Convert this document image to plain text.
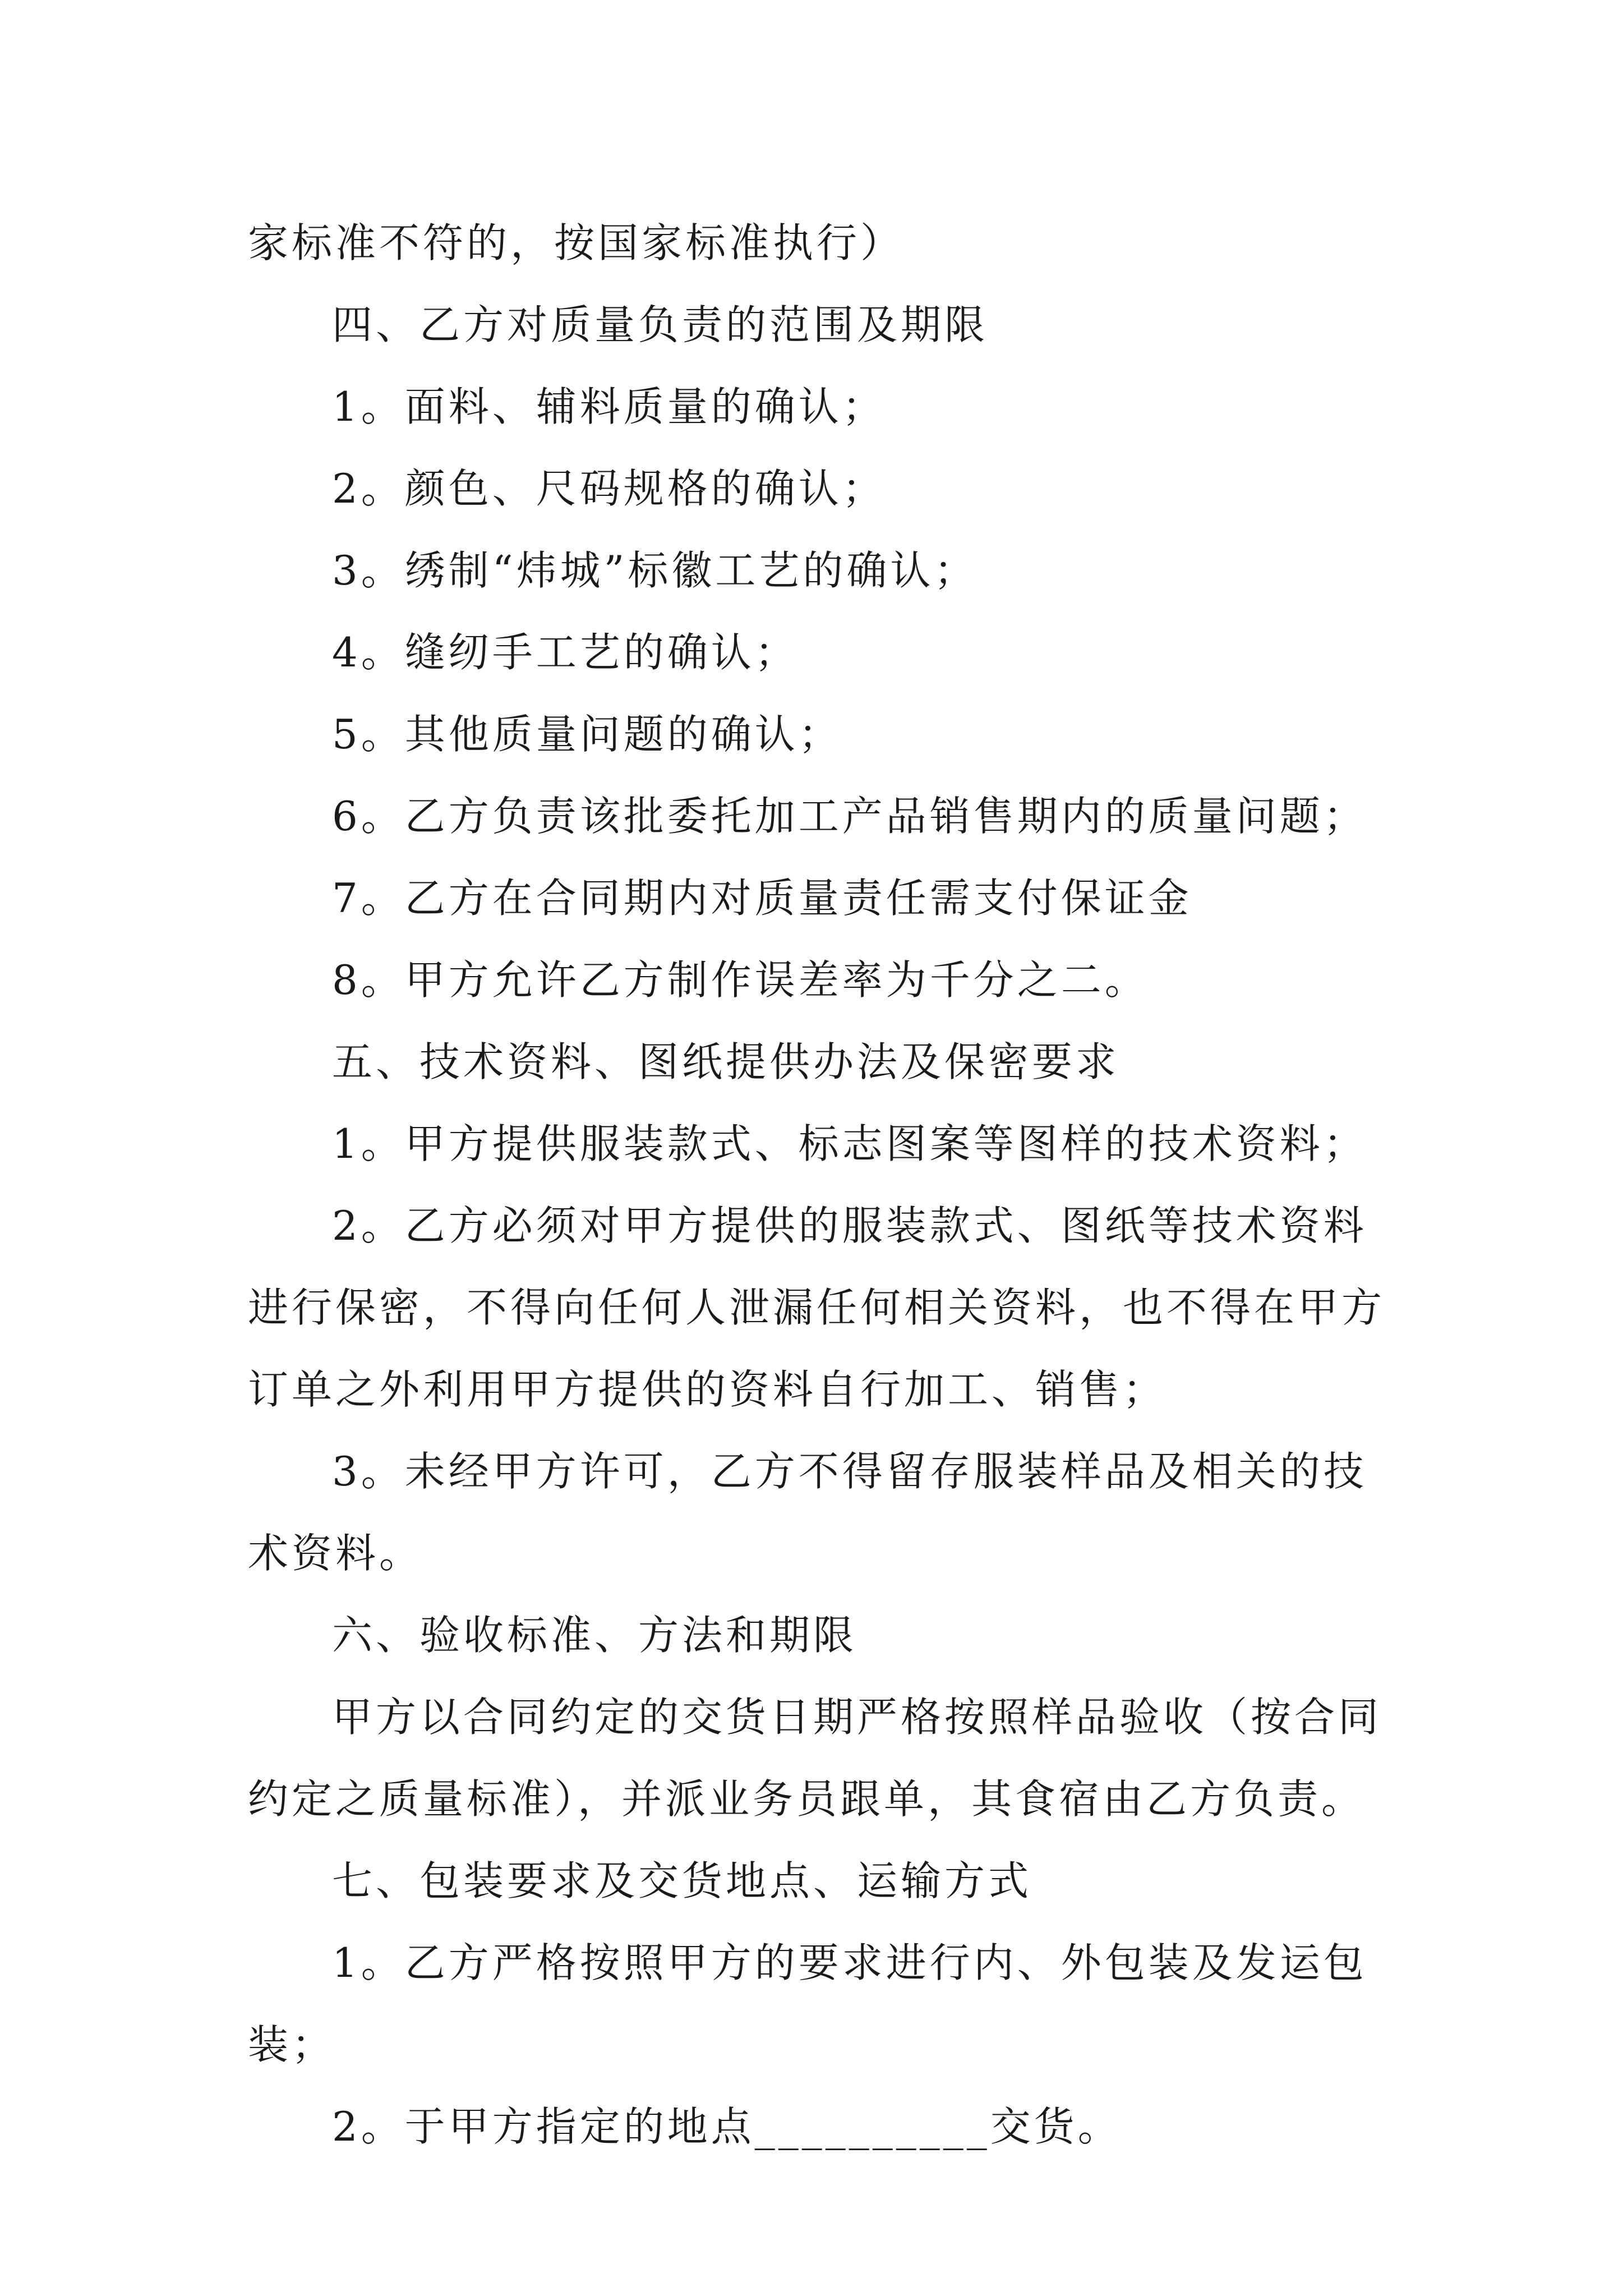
家标准不符的，按国家标准执行）
四、乙方对质量负责的范围及期限
1。面料、辅料质量的确认；
2。颜色、尺码规格的确认；
3。绣制“炜城”标徽工艺的确认；
4。缝纫手工艺的确认；
5。其他质量问题的确认；
6。乙方负责该批委托加工产品销售期内的质量问题；
7。乙方在合同期内对质量责任需支付保证金
8。甲方允许乙方制作误差率为千分之二。
五、技术资料、图纸提供办法及保密要求
1。甲方提供服装款式、标志图案等图样的技术资料；
2。乙方必须对甲方提供的服装款式、图纸等技术资料
进行保密，不得向任何人泄漏任何相关资料，也不得在甲方
订单之外利用甲方提供的资料自行加工、销售；
3。未经甲方许可，乙方不得留存服装样品及相关的技
术资料。
六、验收标准、方法和期限
甲方以合同约定的交货日期严格按照样品验收（按合同
约定之质量标准），并派业务员跟单，其食宿由乙方负责。
七、包装要求及交货地点、运输方式
1。乙方严格按照甲方的要求进行内、外包装及发运包
装；
2。于甲方指定的地点__________交货。
